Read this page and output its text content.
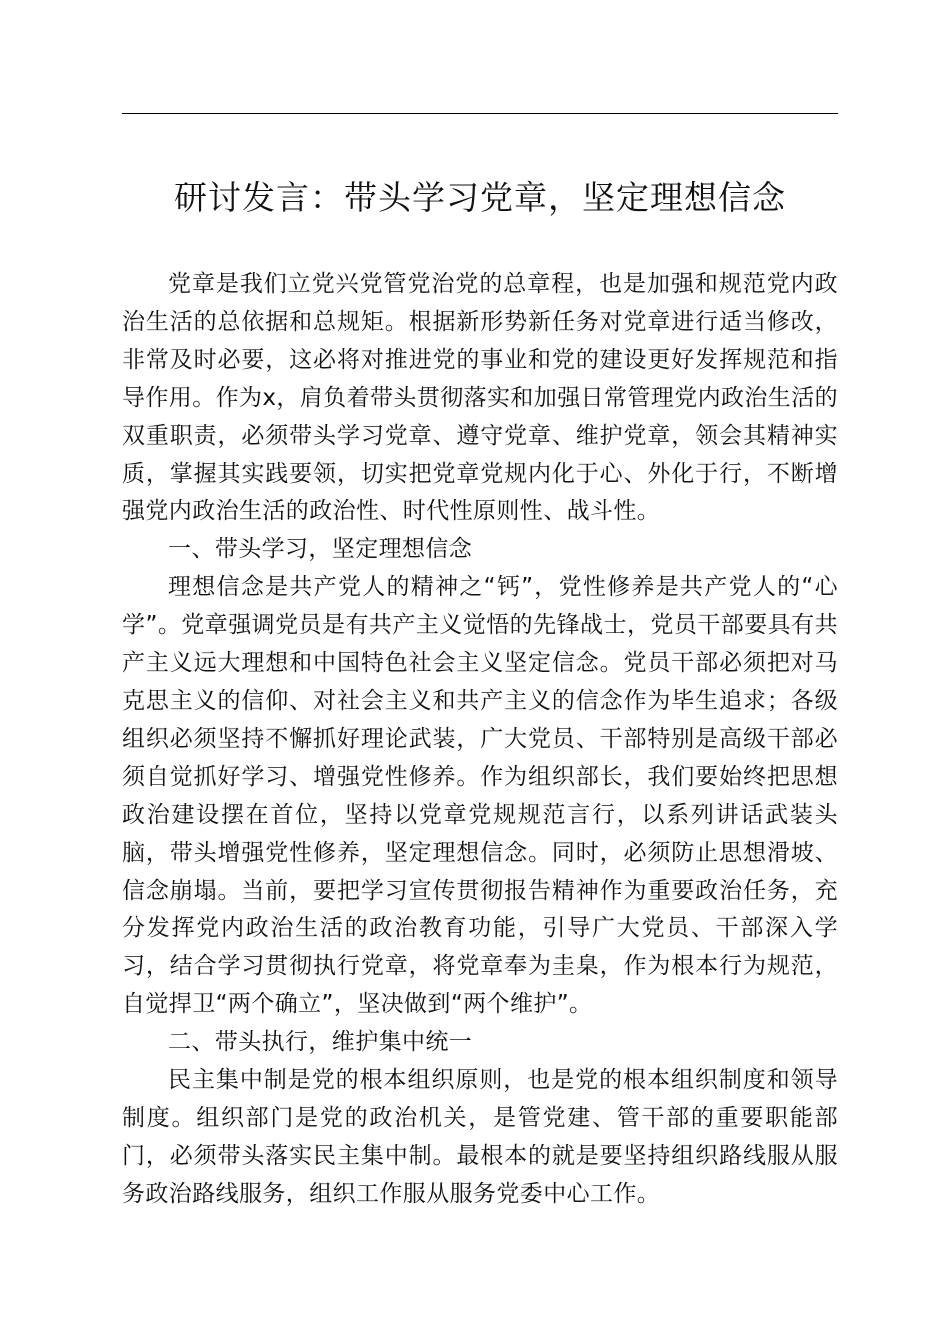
研讨发言：带头学习党章，坚定理想信念

党章是我们立党兴党管党治党的总章程，也是加强和规范党内政治生活的总依据和总规矩。根据新形势新任务对党章进行适当修改，非常及时必要，这必将对推进党的事业和党的建设更好发挥规范和指导作用。作为x，肩负着带头贯彻落实和加强日常管理党内政治生活的双重职责，必须带头学习党章、遵守党章、维护党章，领会其精神实质，掌握其实践要领，切实把党章党规内化于心、外化于行，不断增强党内政治生活的政治性、时代性原则性、战斗性。

一、带头学习，坚定理想信念

理想信念是共产党人的精神之“钙”，党性修养是共产党人的“心学”。党章强调党员是有共产主义觉悟的先锋战士，党员干部要具有共产主义远大理想和中国特色社会主义坚定信念。党员干部必须把对马克思主义的信仰、对社会主义和共产主义的信念作为毕生追求；各级组织必须坚持不懈抓好理论武装，广大党员、干部特别是高级干部必须自觉抓好学习、增强党性修养。作为组织部长，我们要始终把思想政治建设摆在首位，坚持以党章党规规范言行，以系列讲话武装头脑，带头增强党性修养，坚定理想信念。同时，必须防止思想滑坡、信念崩塌。当前，要把学习宣传贯彻报告精神作为重要政治任务，充分发挥党内政治生活的政治教育功能，引导广大党员、干部深入学习，结合学习贯彻执行党章，将党章奉为圭臬，作为根本行为规范，自觉捍卫“两个确立”，坚决做到“两个维护”。

二、带头执行，维护集中统一

民主集中制是党的根本组织原则，也是党的根本组织制度和领导制度。组织部门是党的政治机关，是管党建、管干部的重要职能部门，必须带头落实民主集中制。最根本的就是要坚持组织路线服从服务政治路线服务，组织工作服从服务党委中心工作。
